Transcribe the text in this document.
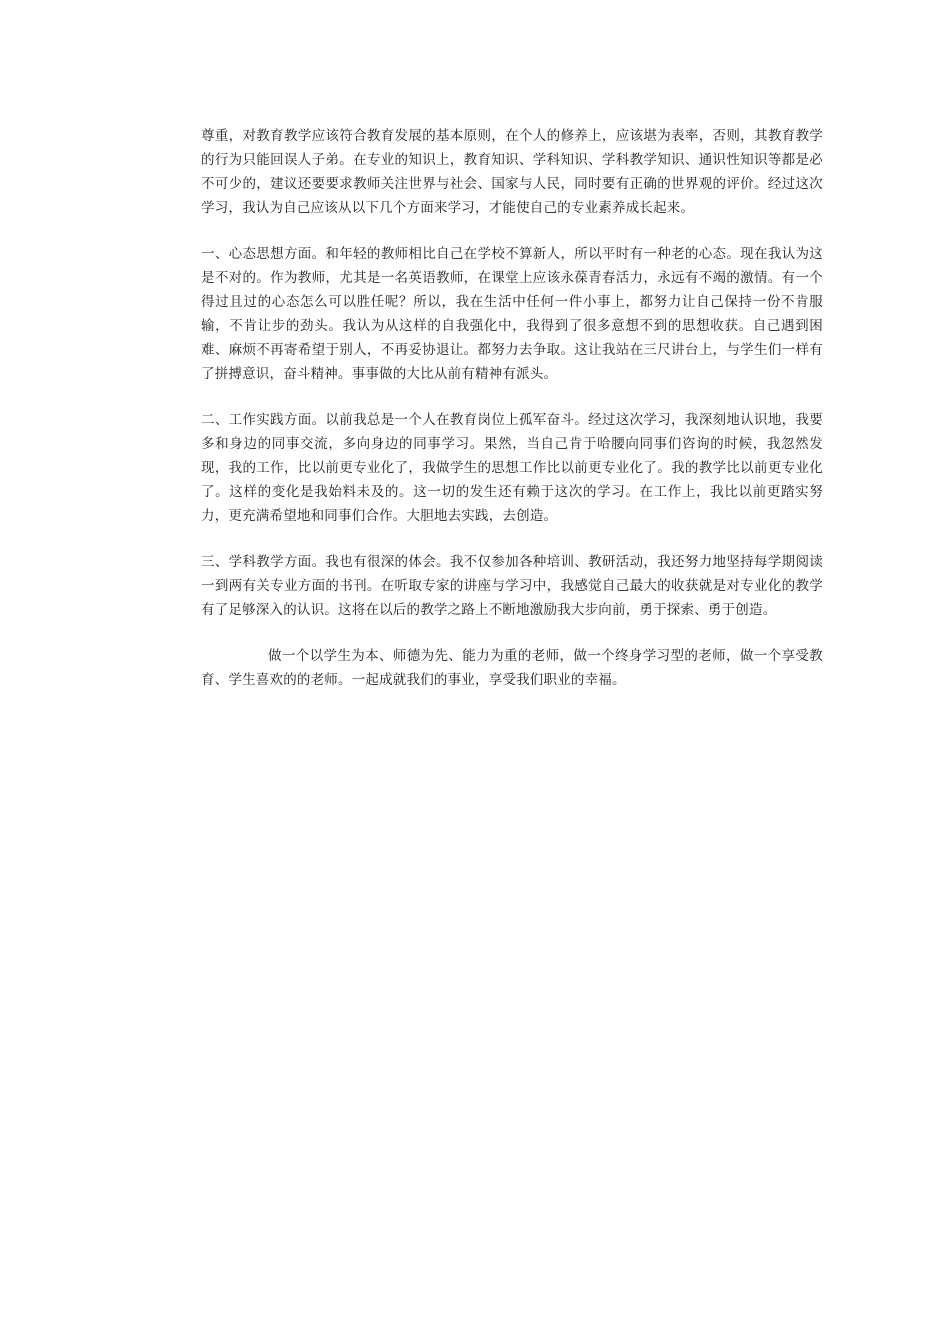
尊重，对教育教学应该符合教育发展的基本原则，在个人的修养上，应该堪为表率，否则，其教育教学的行为只能回误人子弟。在专业的知识上，教育知识、学科知识、学科教学知识、通识性知识等都是必不可少的，建议还要要求教师关注世界与社会、国家与人民，同时要有正确的世界观的评价。经过这次学习，我认为自己应该从以下几个方面来学习，才能使自己的专业素养成长起来。

一、心态思想方面。和年轻的教师相比自己在学校不算新人，所以平时有一种老的心态。现在我认为这是不对的。作为教师，尤其是一名英语教师，在课堂上应该永葆青春活力，永远有不竭的激情。有一个得过且过的心态怎么可以胜任呢？所以，我在生活中任何一件小事上，都努力让自己保持一份不肯服输，不肯让步的劲头。我认为从这样的自我强化中，我得到了很多意想不到的思想收获。自己遇到困难、麻烦不再寄希望于别人，不再妥协退让。都努力去争取。这让我站在三尺讲台上，与学生们一样有了拼搏意识，奋斗精神。事事做的大比从前有精神有派头。

二、工作实践方面。以前我总是一个人在教育岗位上孤军奋斗。经过这次学习，我深刻地认识地，我要多和身边的同事交流，多向身边的同事学习。果然，当自己肯于哈腰向同事们咨询的时候，我忽然发现，我的工作，比以前更专业化了，我做学生的思想工作比以前更专业化了。我的教学比以前更专业化了。这样的变化是我始料未及的。这一切的发生还有赖于这次的学习。在工作上，我比以前更踏实努力，更充满希望地和同事们合作。大胆地去实践，去创造。

三、学科教学方面。我也有很深的体会。我不仅参加各种培训、教研活动，我还努力地坚持每学期阅读一到两有关专业方面的书刊。在听取专家的讲座与学习中，我感觉自己最大的收获就是对专业化的教学有了足够深入的认识。这将在以后的教学之路上不断地激励我大步向前，勇于探索、勇于创造。

做一个以学生为本、师德为先、能力为重的老师，做一个终身学习型的老师，做一个享受教育、学生喜欢的的老师。一起成就我们的事业，享受我们职业的幸福。
